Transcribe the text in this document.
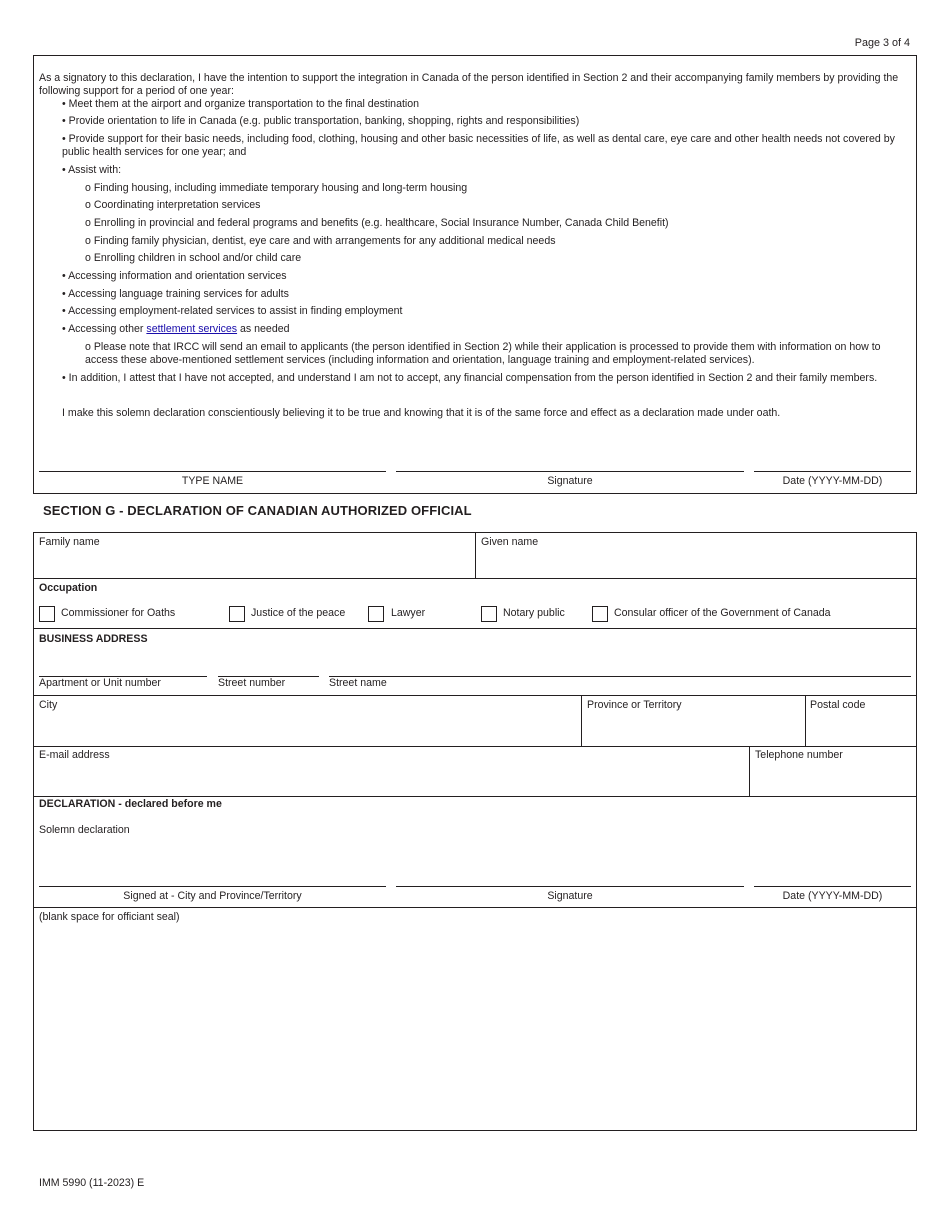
Page 3 of 4
As a signatory to this declaration, I have the intention to support the integration in Canada of the person identified in Section 2 and their accompanying family members by providing the following support for a period of one year:
• Meet them at the airport and organize transportation to the final destination
• Provide orientation to life in Canada (e.g. public transportation, banking, shopping, rights and responsibilities)
• Provide support for their basic needs, including food, clothing, housing and other basic necessities of life, as well as dental care, eye care and other health needs not covered by public health services for one year; and
• Assist with:
o Finding housing, including immediate temporary housing and long-term housing
o Coordinating interpretation services
o Enrolling in provincial and federal programs and benefits (e.g. healthcare, Social Insurance Number, Canada Child Benefit)
o Finding family physician, dentist, eye care and with arrangements for any additional medical needs
o Enrolling children in school and/or child care
• Accessing information and orientation services
• Accessing language training services for adults
• Accessing employment-related services to assist in finding employment
• Accessing other settlement services as needed
o Please note that IRCC will send an email to applicants (the person identified in Section 2) while their application is processed to provide them with information on how to access these above-mentioned settlement services (including information and orientation, language training and employment-related services).
• In addition, I attest that I have not accepted, and understand I am not to accept, any financial compensation from the person identified in Section 2 and their family members.
I make this solemn declaration conscientiously believing it to be true and knowing that it is of the same force and effect as a declaration made under oath.
TYPE NAME	Signature	Date (YYYY-MM-DD)
SECTION G - DECLARATION OF CANADIAN AUTHORIZED OFFICIAL
Family name	Given name
Occupation
Commissioner for Oaths	Justice of the peace	Lawyer	Notary public	Consular officer of the Government of Canada
BUSINESS ADDRESS
Apartment or Unit number	Street number	Street name
City	Province or Territory	Postal code
E-mail address	Telephone number
DECLARATION - declared before me
Solemn declaration
Signed at - City and Province/Territory	Signature	Date (YYYY-MM-DD)
(blank space for officiant seal)
IMM 5990 (11-2023) E
